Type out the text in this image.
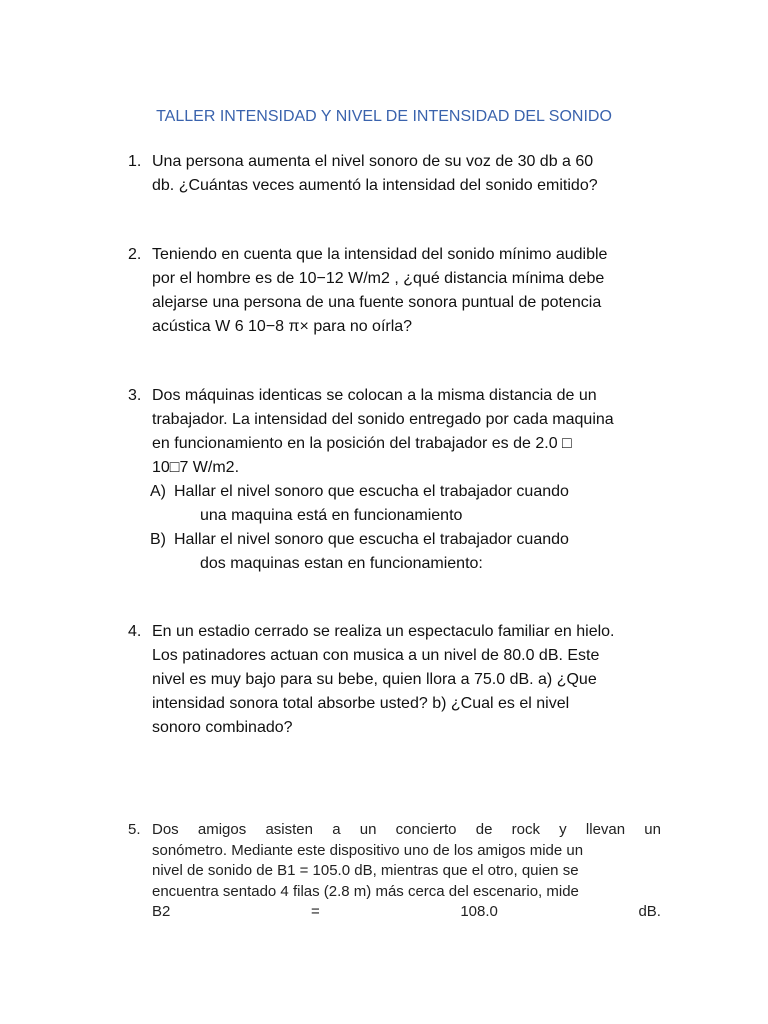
TALLER INTENSIDAD Y NIVEL DE INTENSIDAD DEL SONIDO
1. Una persona aumenta el nivel sonoro de su voz de 30 db a 60

db. ¿Cuántas veces aumentó la intensidad del sonido emitido?

2. Teniendo en cuenta que la intensidad del sonido mínimo audible

por el hombre es de 10−12 W/m2 , ¿qué distancia mínima debe

alejarse una persona de una fuente sonora puntual de potencia

acústica W 6 10−8 π× para no oírla?

3. Dos máquinas identicas se colocan a la misma distancia de un

trabajador. La intensidad del sonido entregado por cada maquina

en funcionamiento en la posición del trabajador es de 2.0 □

10□7 W/m2.

A) Hallar el nivel sonoro que escucha el trabajador cuando
una maquina está en funcionamiento
B) Hallar el nivel sonoro que escucha el trabajador cuando
dos maquinas estan en funcionamiento:
4. En un estadio cerrado se realiza un espectaculo familiar en hielo.

Los patinadores actuan con musica a un nivel de 80.0 dB. Este

nivel es muy bajo para su bebe, quien llora a 75.0 dB. a) ¿Que

intensidad sonora total absorbe usted? b) ¿Cual es el nivel

sonoro combinado?

5. Dos amigos asisten a un concierto de rock y llevan un

sonómetro. Mediante este dispositivo uno de los amigos mide un

nivel de sonido de B1 = 105.0 dB, mientras que el otro, quien se

encuentra sentado 4 filas (2.8 m) más cerca del escenario, mide

B2	=	108.0	dB.
